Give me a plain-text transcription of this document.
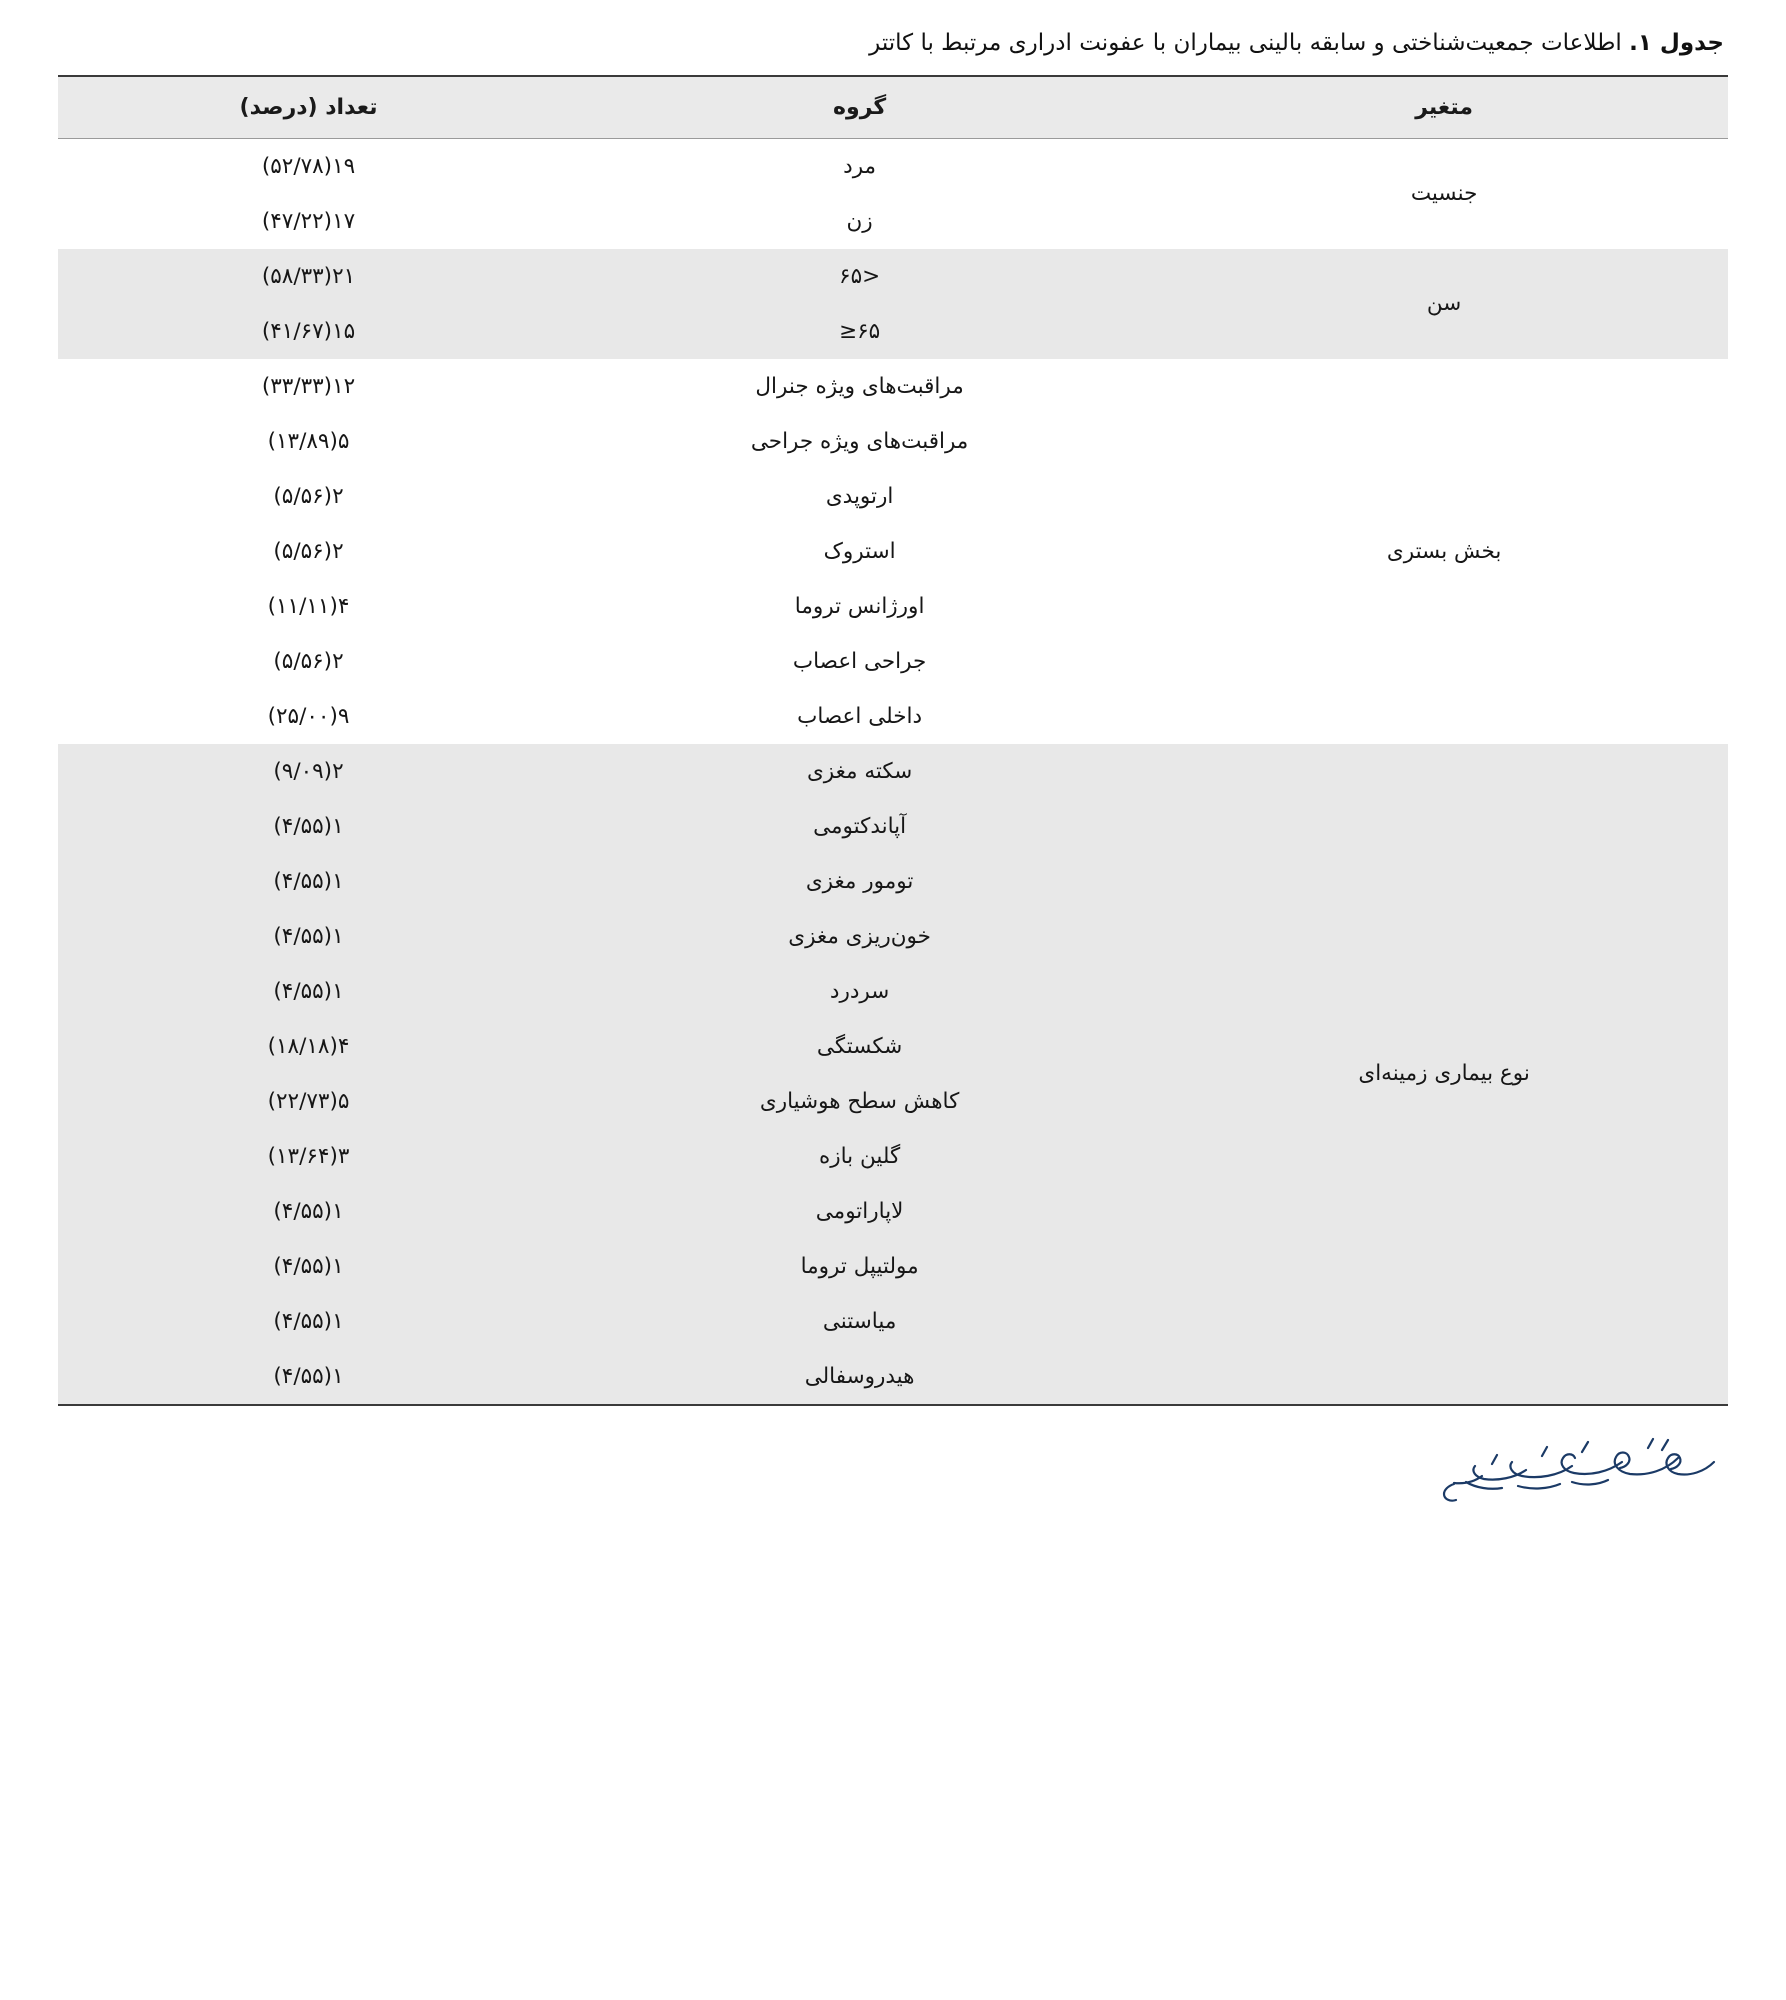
جدول ۱. اطلاعات جمعیت‌شناختی و سابقه بالینی بیماران با عفونت ادراری مرتبط با کاتتر
متغیر	گروه	تعداد (درصد)
جنسیت	مرد	۱۹(۵۲/۷۸)
	زن	۱۷(۴۷/۲۲)
سن	<۶۵	۲۱(۵۸/۳۳)
	۶۵≤	۱۵(۴۱/۶۷)
بخش بستری	مراقبت‌های ویژه جنرال	۱۲(۳۳/۳۳)
	مراقبت‌های ویژه جراحی	۵(۱۳/۸۹)
	ارتوپدی	۲(۵/۵۶)
	استروک	۲(۵/۵۶)
	اورژانس تروما	۴(۱۱/۱۱)
	جراحی اعصاب	۲(۵/۵۶)
	داخلی اعصاب	۹(۲۵/۰۰)
نوع بیماری زمینه‌ای	سکته مغزی	۲(۹/۰۹)
	آپاندکتومی	۱(۴/۵۵)
	تومور مغزی	۱(۴/۵۵)
	خون‌ریزی مغزی	۱(۴/۵۵)
	سردرد	۱(۴/۵۵)
	شکستگی	۴(۱۸/۱۸)
	کاهش سطح هوشیاری	۵(۲۲/۷۳)
	گلین بازه	۳(۱۳/۶۴)
	لاپاراتومی	۱(۴/۵۵)
	مولتیپل تروما	۱(۴/۵۵)
	میاستنی	۱(۴/۵۵)
	هیدروسفالی	۱(۴/۵۵)
